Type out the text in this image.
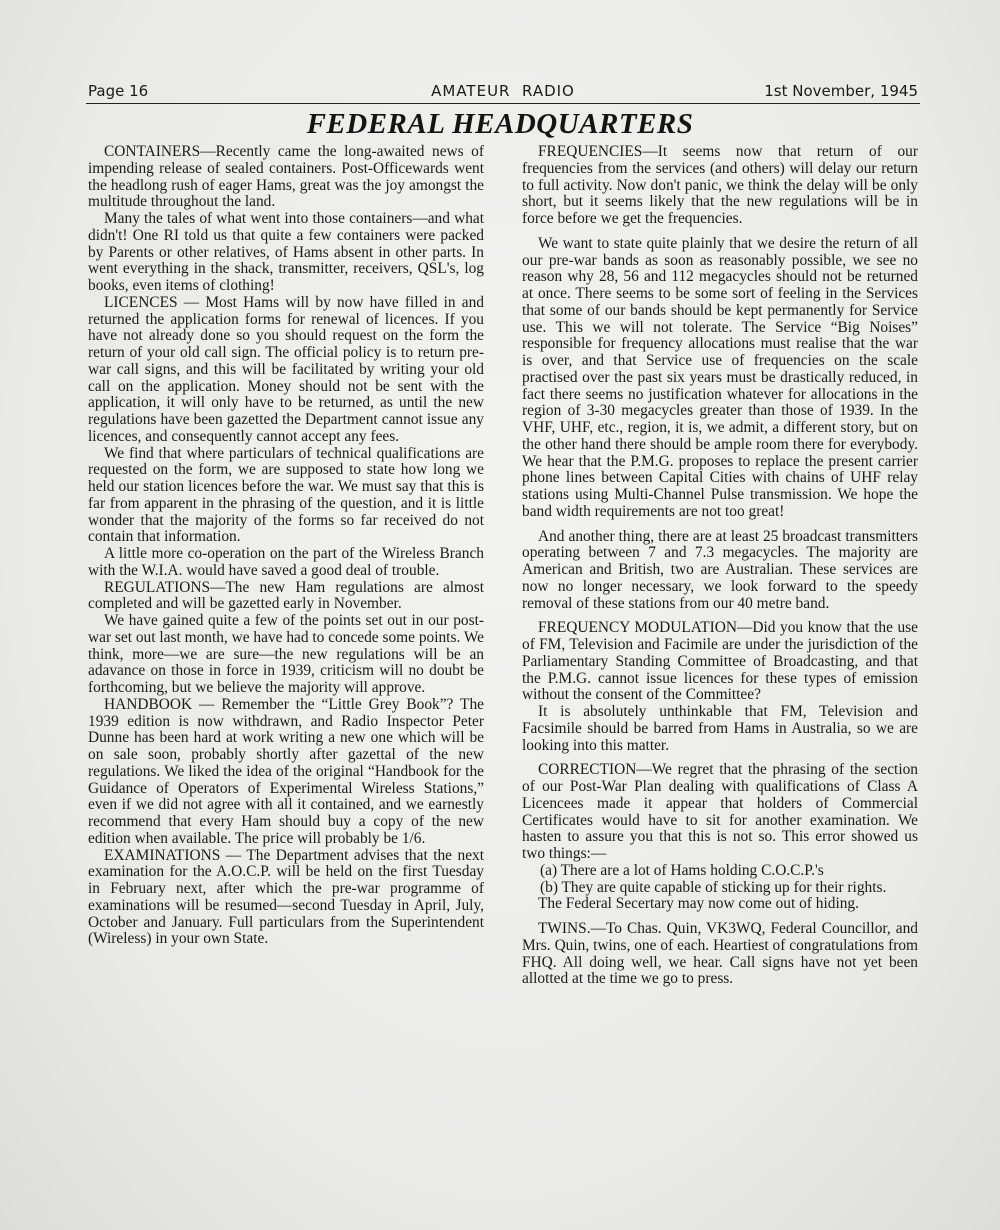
Page 16	AMATEUR  RADIO	1st November, 1945
FEDERAL HEADQUARTERS

CONTAINERS—Recently came the long-awaited news of impending release of sealed containers. Post-Officewards went the headlong rush of eager Hams, great was the joy amongst the multitude throughout the land.

Many the tales of what went into those containers—and what didn't! One RI told us that quite a few containers were packed by Parents or other relatives, of Hams absent in other parts. In went everything in the shack, transmitter, receivers, QSL's, log books, even items of clothing!

LICENCES — Most Hams will by now have filled in and returned the application forms for renewal of licences. If you have not already done so you should request on the form the return of your old call sign. The official policy is to return pre-war call signs, and this will be facilitated by writing your old call on the application. Money should not be sent with the application, it will only have to be returned, as until the new regulations have been gazetted the Department cannot issue any licences, and consequently cannot accept any fees.

We find that where particulars of technical qualifications are requested on the form, we are supposed to state how long we held our station licences before the war. We must say that this is far from apparent in the phrasing of the question, and it is little wonder that the majority of the forms so far received do not contain that information.

A little more co-operation on the part of the Wireless Branch with the W.I.A. would have saved a good deal of trouble.

REGULATIONS—The new Ham regulations are almost completed and will be gazetted early in November.

We have gained quite a few of the points set out in our post-war set out last month, we have had to concede some points. We think, more—we are sure—the new regulations will be an adavance on those in force in 1939, criticism will no doubt be forthcoming, but we believe the majority will approve.

HANDBOOK — Remember the “Little Grey Book”? The 1939 edition is now withdrawn, and Radio Inspector Peter Dunne has been hard at work writing a new one which will be on sale soon, probably shortly after gazettal of the new regulations. We liked the idea of the original “Handbook for the Guidance of Operators of Experimental Wireless Stations,” even if we did not agree with all it contained, and we earnestly recommend that every Ham should buy a copy of the new edition when available. The price will probably be 1/6.

EXAMINATIONS — The Department advises that the next examination for the A.O.C.P. will be held on the first Tuesday in February next, after which the pre-war programme of examinations will be resumed—second Tuesday in April, July, October and January. Full particulars from the Superintendent (Wireless) in your own State.

FREQUENCIES—It seems now that return of our frequencies from the services (and others) will delay our return to full activity. Now don't panic, we think the delay will be only short, but it seems likely that the new regulations will be in force before we get the frequencies.

We want to state quite plainly that we desire the return of all our pre-war bands as soon as reasonably possible, we see no reason why 28, 56 and 112 megacycles should not be returned at once. There seems to be some sort of feeling in the Services that some of our bands should be kept permanently for Service use. This we will not tolerate. The Service “Big Noises” responsible for frequency allocations must realise that the war is over, and that Service use of frequencies on the scale practised over the past six years must be drastically reduced, in fact there seems no justification whatever for allocations in the region of 3-30 megacycles greater than those of 1939. In the VHF, UHF, etc., region, it is, we admit, a different story, but on the other hand there should be ample room there for everybody. We hear that the P.M.G. proposes to replace the present carrier phone lines between Capital Cities with chains of UHF relay stations using Multi-Channel Pulse transmission. We hope the band width requirements are not too great!

And another thing, there are at least 25 broadcast transmitters operating between 7 and 7.3 megacycles. The majority are American and British, two are Australian. These services are now no longer necessary, we look forward to the speedy removal of these stations from our 40 metre band.

FREQUENCY MODULATION—Did you know that the use of FM, Television and Facimile are under the jurisdiction of the Parliamentary Standing Committee of Broadcasting, and that the P.M.G. cannot issue licences for these types of emission without the consent of the Committee?

It is absolutely unthinkable that FM, Television and Facsimile should be barred from Hams in Australia, so we are looking into this matter.

CORRECTION—We regret that the phrasing of the section of our Post-War Plan dealing with qualifications of Class A Licencees made it appear that holders of Commercial Certificates would have to sit for another examination. We hasten to assure you that this is not so. This error showed us two things:—

(a) There are a lot of Hams holding C.O.C.P.'s

(b) They are quite capable of sticking up for their rights.

The Federal Secertary may now come out of hiding.

TWINS.—To Chas. Quin, VK3WQ, Federal Councillor, and Mrs. Quin, twins, one of each. Heartiest of congratulations from FHQ. All doing well, we hear. Call signs have not yet been allotted at the time we go to press.
